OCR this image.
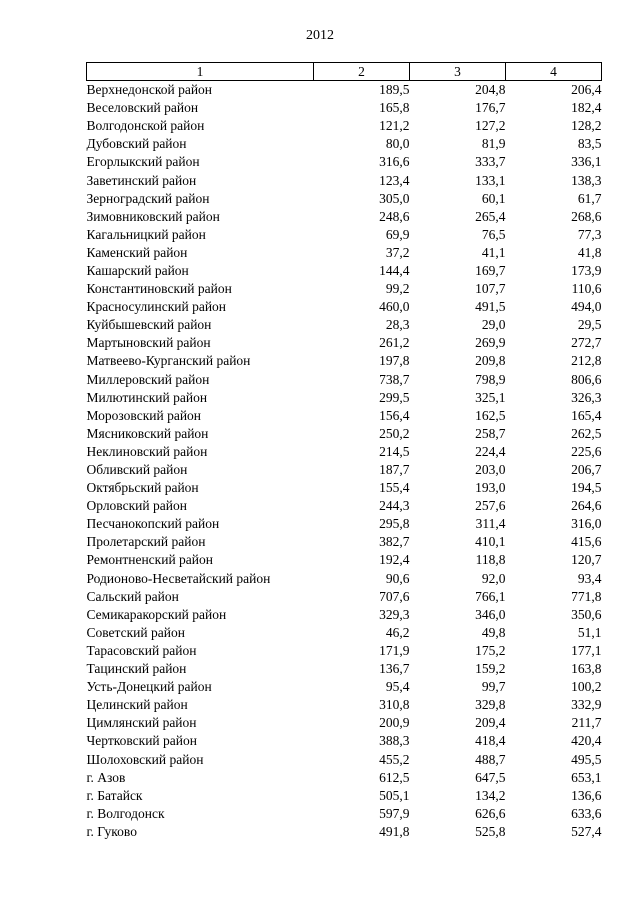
2012
1	2	3	4
Верхнедонской район	189,5	204,8	206,4
Веселовский район	165,8	176,7	182,4
Волгодонской район	121,2	127,2	128,2
Дубовский район	80,0	81,9	83,5
Егорлыкский район	316,6	333,7	336,1
Заветинский район	123,4	133,1	138,3
Зерноградский район	305,0	60,1	61,7
Зимовниковский район	248,6	265,4	268,6
Кагальницкий район	69,9	76,5	77,3
Каменский район	37,2	41,1	41,8
Кашарский район	144,4	169,7	173,9
Константиновский район	99,2	107,7	110,6
Красносулинский район	460,0	491,5	494,0
Куйбышевский район	28,3	29,0	29,5
Мартыновский район	261,2	269,9	272,7
Матвеево-Курганский район	197,8	209,8	212,8
Миллеровский район	738,7	798,9	806,6
Милютинский район	299,5	325,1	326,3
Морозовский район	156,4	162,5	165,4
Мясниковский район	250,2	258,7	262,5
Неклиновский район	214,5	224,4	225,6
Обливский район	187,7	203,0	206,7
Октябрьский район	155,4	193,0	194,5
Орловский район	244,3	257,6	264,6
Песчанокопский район	295,8	311,4	316,0
Пролетарский район	382,7	410,1	415,6
Ремонтненский район	192,4	118,8	120,7
Родионово-Несветайский район	90,6	92,0	93,4
Сальский район	707,6	766,1	771,8
Семикаракорский район	329,3	346,0	350,6
Советский район	46,2	49,8	51,1
Тарасовский район	171,9	175,2	177,1
Тацинский район	136,7	159,2	163,8
Усть-Донецкий район	95,4	99,7	100,2
Целинский район	310,8	329,8	332,9
Цимлянский район	200,9	209,4	211,7
Чертковский район	388,3	418,4	420,4
Шолоховский район	455,2	488,7	495,5
г. Азов	612,5	647,5	653,1
г. Батайск	505,1	134,2	136,6
г. Волгодонск	597,9	626,6	633,6
г. Гуково	491,8	525,8	527,4
